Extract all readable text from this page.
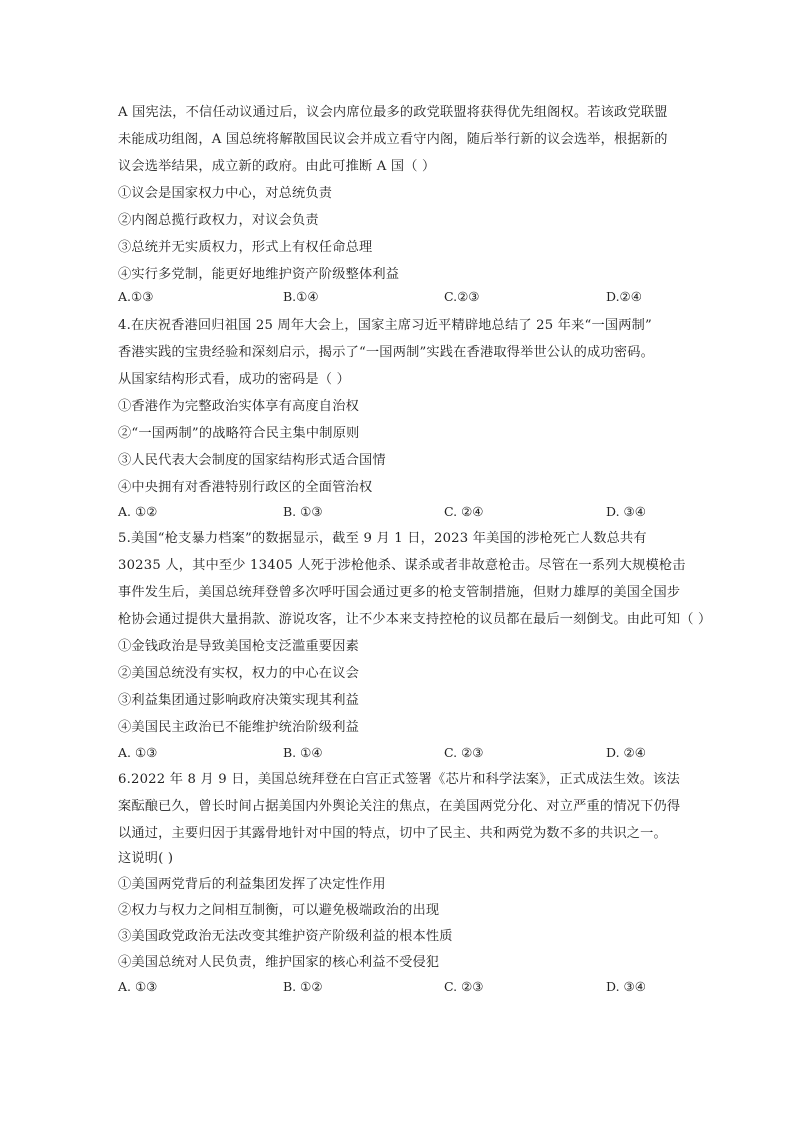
A 国宪法，不信任动议通过后，议会内席位最多的政党联盟将获得优先组阁权。若该政党联盟
未能成功组阁，A 国总统将解散国民议会并成立看守内阁，随后举行新的议会选举，根据新的
议会选举结果，成立新的政府。由此可推断 A 国（ ）
①议会是国家权力中心，对总统负责
②内阁总揽行政权力，对议会负责
③总统并无实质权力，形式上有权任命总理
④实行多党制，能更好地维护资产阶级整体利益
A.①③	B.①④	C.②③	D.②④
4.在庆祝香港回归祖国 25 周年大会上，国家主席习近平精辟地总结了 25 年来“一国两制”
香港实践的宝贵经验和深刻启示，揭示了“一国两制”实践在香港取得举世公认的成功密码。
从国家结构形式看，成功的密码是（ ）
①香港作为完整政治实体享有高度自治权
②“一国两制”的战略符合民主集中制原则
③人民代表大会制度的国家结构形式适合国情
④中央拥有对香港特别行政区的全面管治权
A. ①②	B. ①③	C. ②④	D. ③④
5.美国“枪支暴力档案”的数据显示，截至 9 月 1 日，2023 年美国的涉枪死亡人数总共有
30235 人，其中至少 13405 人死于涉枪他杀、谋杀或者非故意枪击。尽管在一系列大规模枪击
事件发生后，美国总统拜登曾多次呼吁国会通过更多的枪支管制措施，但财力雄厚的美国全国步
枪协会通过提供大量捐款、游说攻客，让不少本来支持控枪的议员都在最后一刻倒戈。由此可知（ ）
①金钱政治是导致美国枪支泛滥重要因素
②美国总统没有实权，权力的中心在议会
③利益集团通过影响政府决策实现其利益
④美国民主政治已不能维护统治阶级利益
A. ①③	B. ①④	C. ②③	D. ②④
6.2022 年 8 月 9 日，美国总统拜登在白宫正式签署《芯片和科学法案》，正式成法生效。该法
案酝酿已久，曾长时间占据美国内外舆论关注的焦点，在美国两党分化、对立严重的情况下仍得
以通过，主要归因于其露骨地针对中国的特点，切中了民主、共和两党为数不多的共识之一。
这说明( )
①美国两党背后的利益集团发挥了决定性作用
②权力与权力之间相互制衡，可以避免极端政治的出现
③美国政党政治无法改变其维护资产阶级利益的根本性质
④美国总统对人民负责，维护国家的核心利益不受侵犯
A. ①③	B. ①②	C. ②③	D. ③④
